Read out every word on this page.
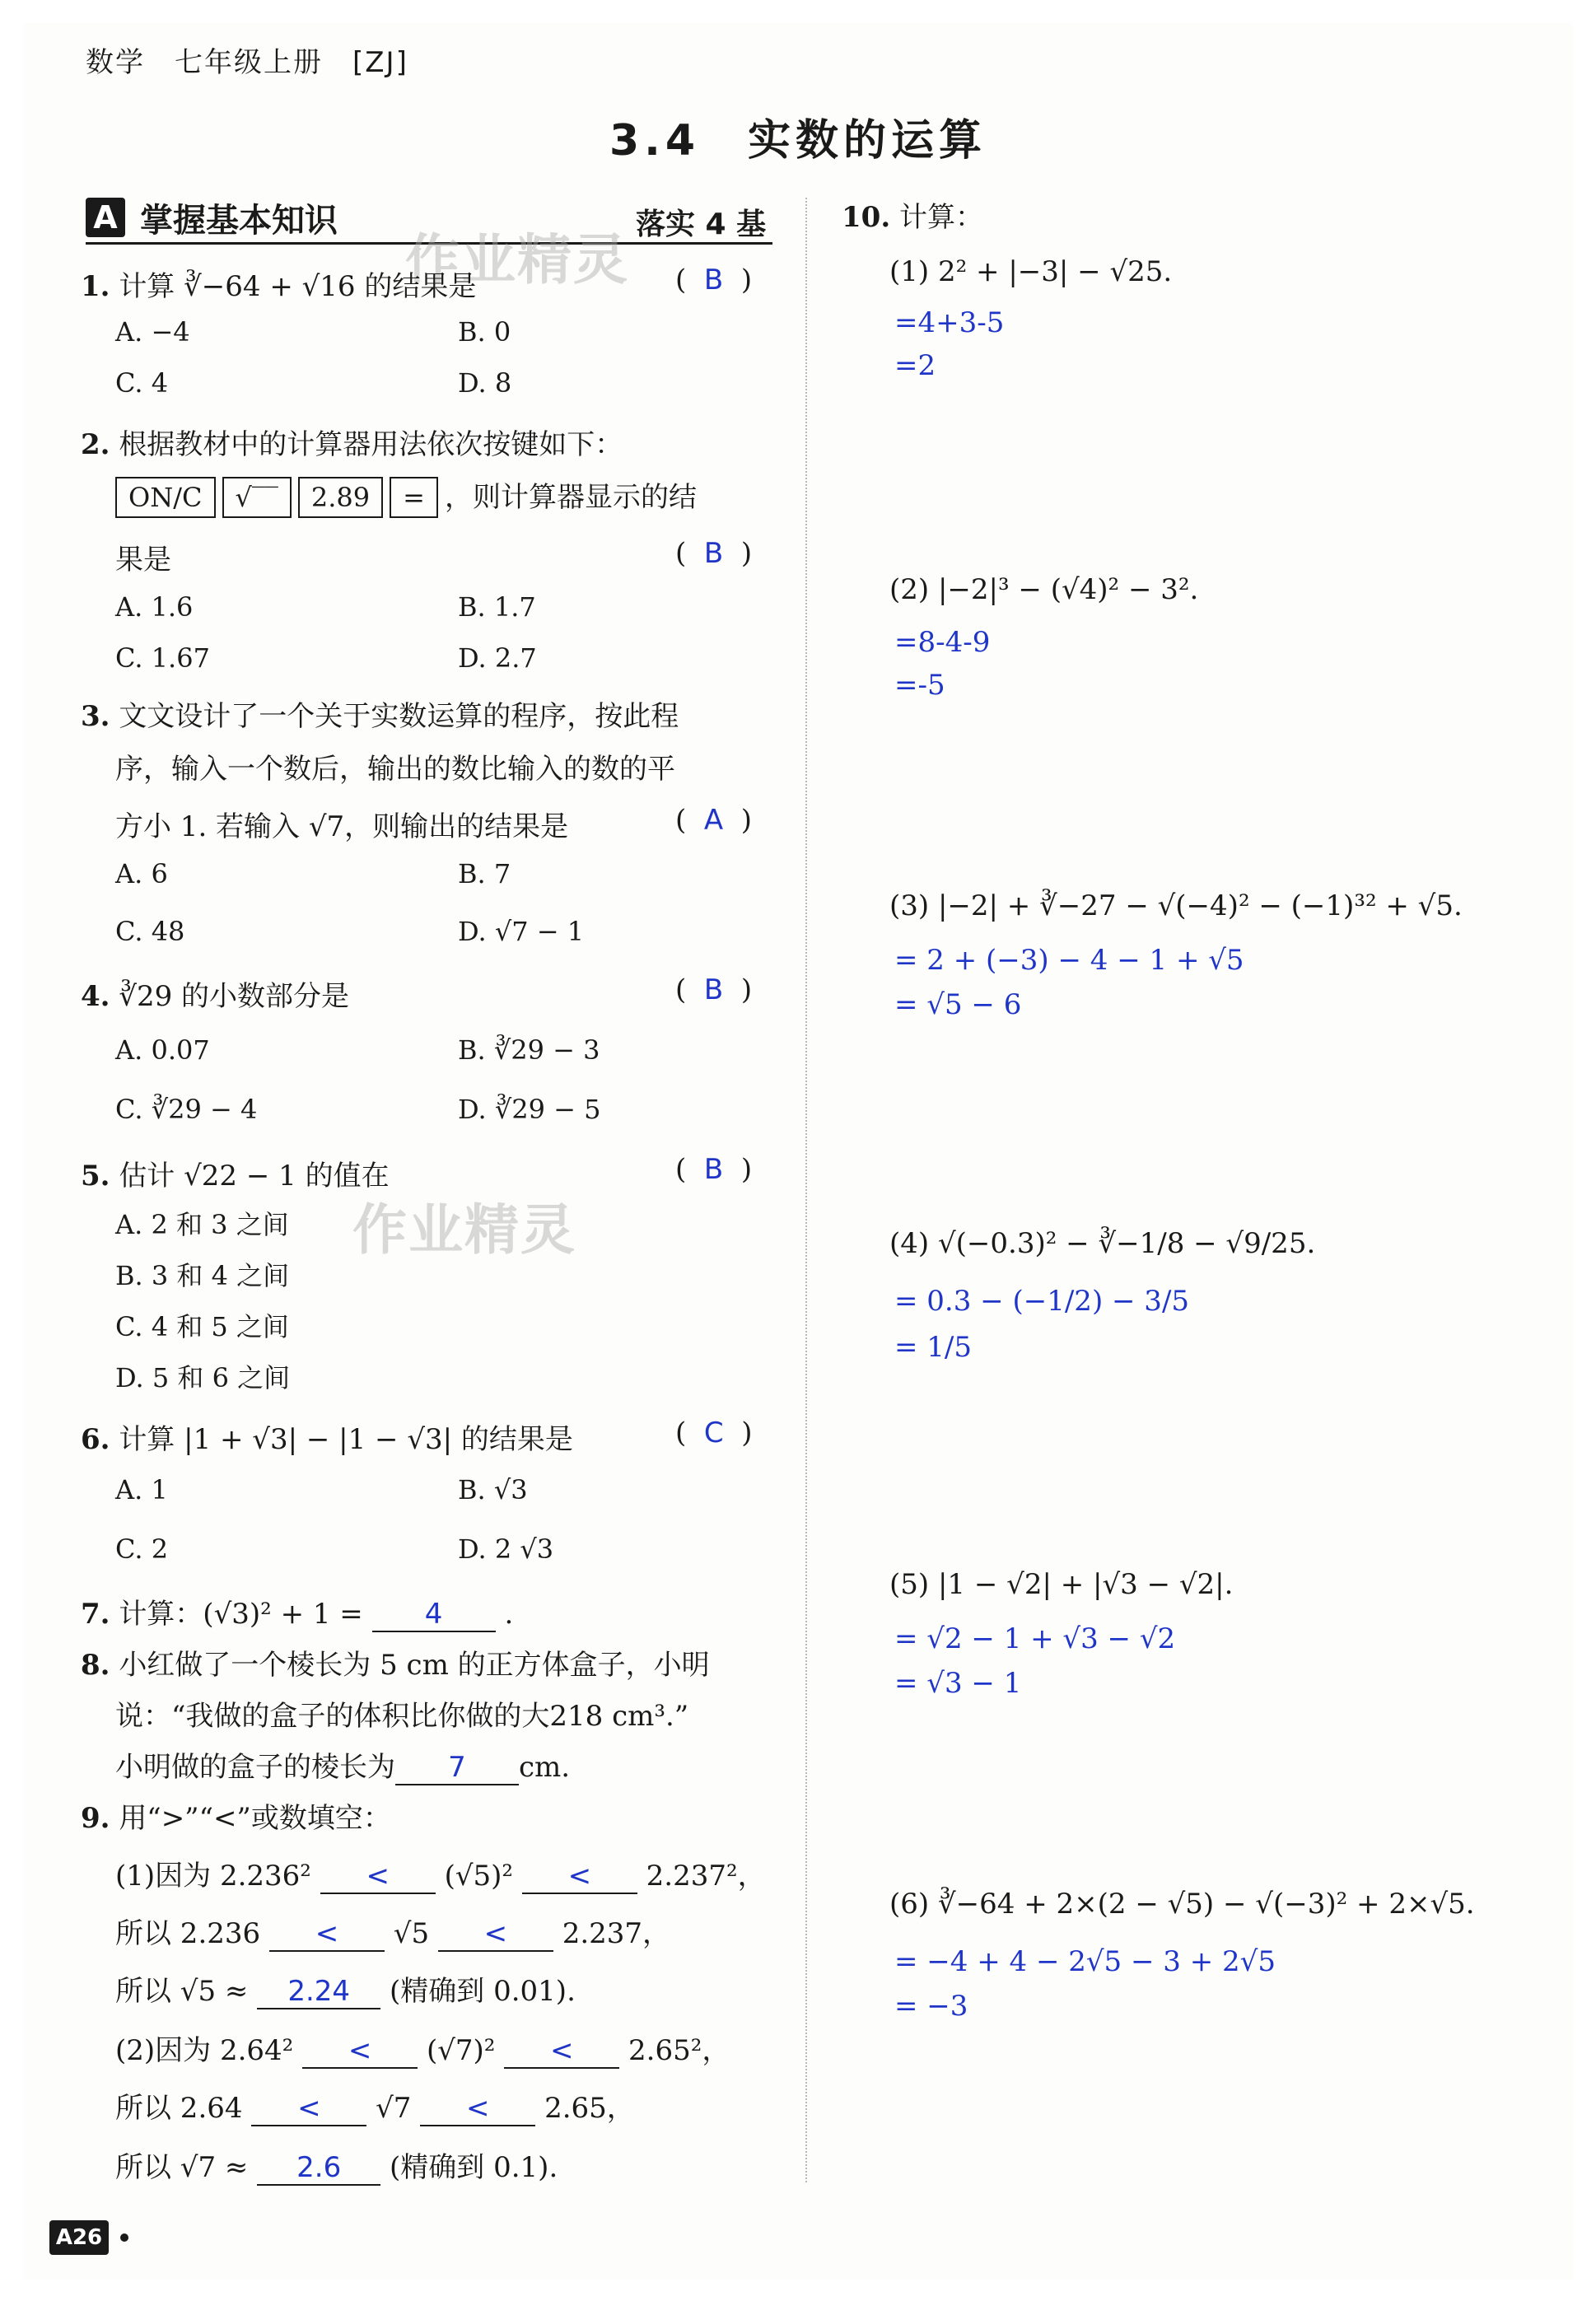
数学　七年级上册　[ZJ]
3.4　实数的运算
A 掌握基本知识	落实 4 基
作业精灵
作业精灵
1. 计算 ∛−64 + √16 的结果是	(  B  )
A. −4	B. 0
C. 4	D. 8
2. 根据教材中的计算器用法依次按键如下：
ON/C √‾‾ 2.89 = ，则计算器显示的结
果是	(  B  )
A. 1.6	B. 1.7
C. 1.67	D. 2.7
3. 文文设计了一个关于实数运算的程序，按此程
序，输入一个数后，输出的数比输入的数的平
方小 1. 若输入 √7，则输出的结果是	(  A  )
A. 6	B. 7
C. 48	D. √7 − 1
4. ∛29 的小数部分是	(  B  )
A. 0.07	B. ∛29 − 3
C. ∛29 − 4	D. ∛29 − 5
5. 估计 √22 − 1 的值在	(  B  )
A. 2 和 3 之间
B. 3 和 4 之间
C. 4 和 5 之间
D. 5 和 6 之间
6. 计算 |1 + √3| − |1 − √3| 的结果是	(  C  )
A. 1	B. √3
C. 2	D. 2 √3
7. 计算：(√3)² + 1 = 4 .
8. 小红做了一个棱长为 5 cm 的正方体盒子，小明
说：“我做的盒子的体积比你做的大218 cm³.”
小明做的盒子的棱长为 7 cm.
9. 用“>”“<”或数填空：
(1)因为 2.236² < (√5)² < 2.237²，
所以 2.236 < √5 < 2.237，
所以 √5 ≈ 2.24 (精确到 0.01).
(2)因为 2.64² < (√7)² < 2.65²，
所以 2.64 < √7 < 2.65，
所以 √7 ≈ 2.6 (精确到 0.1).
10. 计算：
(1) 2² + |−3| − √25.
=4+3-5
=2
(2) |−2|³ − (√4)² − 3².
=8-4-9
=-5
(3) |−2| + ∛−27 − √(−4)² − (−1)³² + √5.
= 2 + (−3) − 4 − 1 + √5
= √5 − 6
(4) √(−0.3)² − ∛−1/8 − √9/25.
= 0.3 − (−1/2) − 3/5
= 1/5
(5) |1 − √2| + |√3 − √2|.
= √2 − 1 + √3 − √2
= √3 − 1
(6) ∛−64 + 2×(2 − √5) − √(−3)² + 2×√5.
= −4 + 4 − 2√5 − 3 + 2√5
= −3
A26
